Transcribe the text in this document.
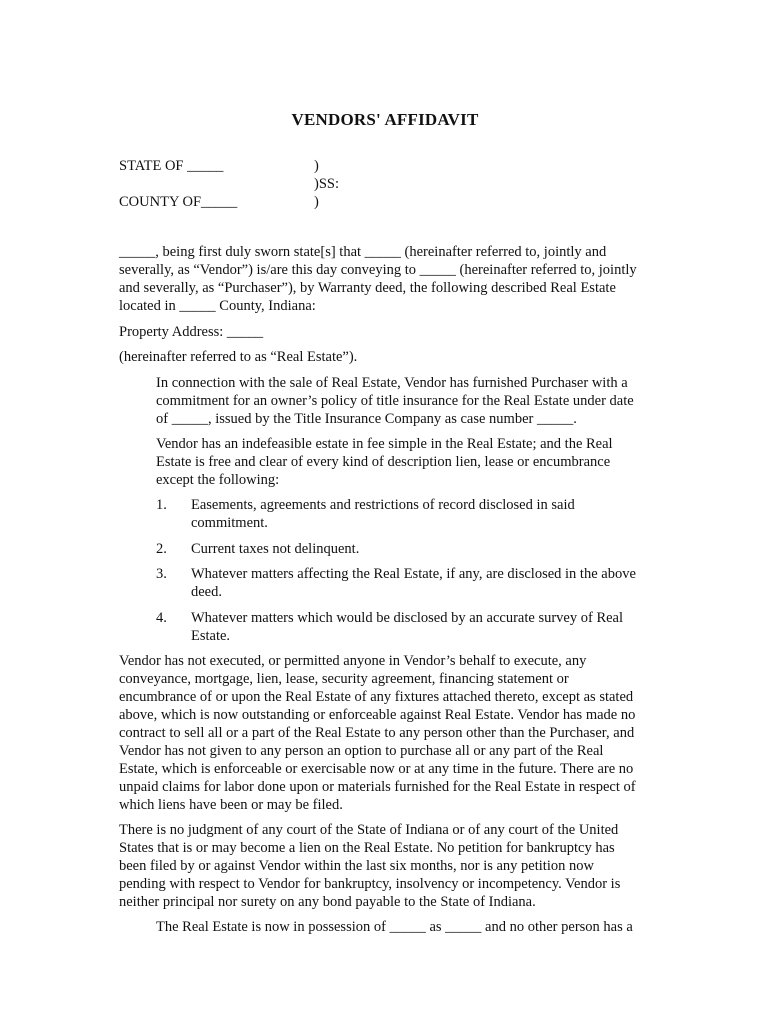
VENDORS' AFFIDAVIT
STATE OF _____
COUNTY OF_____
)
)SS:
)
_____, being first duly sworn state[s] that _____ (hereinafter referred to, jointly and
severally, as “Vendor”) is/are this day conveying to _____ (hereinafter referred to, jointly
and severally, as “Purchaser”), by Warranty deed, the following described Real Estate
located in _____ County, Indiana:
Property Address: _____
(hereinafter referred to as “Real Estate”).
In connection with the sale of Real Estate, Vendor has furnished Purchaser with a
commitment for an owner’s policy of title insurance for the Real Estate under date
of _____, issued by the Title Insurance Company as case number _____.
Vendor has an indefeasible estate in fee simple in the Real Estate; and the Real
Estate is free and clear of every kind of description lien, lease or encumbrance
except the following:
1. Easements, agreements and restrictions of record disclosed in said
commitment.
2. Current taxes not delinquent.
3. Whatever matters affecting the Real Estate, if any, are disclosed in the above
deed.
4. Whatever matters which would be disclosed by an accurate survey of Real
Estate.
Vendor has not executed, or permitted anyone in Vendor’s behalf to execute, any
conveyance, mortgage, lien, lease, security agreement, financing statement or
encumbrance of or upon the Real Estate of any fixtures attached thereto, except as stated
above, which is now outstanding or enforceable against Real Estate. Vendor has made no
contract to sell all or a part of the Real Estate to any person other than the Purchaser, and
Vendor has not given to any person an option to purchase all or any part of the Real
Estate, which is enforceable or exercisable now or at any time in the future. There are no
unpaid claims for labor done upon or materials furnished for the Real Estate in respect of
which liens have been or may be filed.
There is no judgment of any court of the State of Indiana or of any court of the United
States that is or may become a lien on the Real Estate. No petition for bankruptcy has
been filed by or against Vendor within the last six months, nor is any petition now
pending with respect to Vendor for bankruptcy, insolvency or incompetency. Vendor is
neither principal nor surety on any bond payable to the State of Indiana.
The Real Estate is now in possession of _____ as _____ and no other person has a
